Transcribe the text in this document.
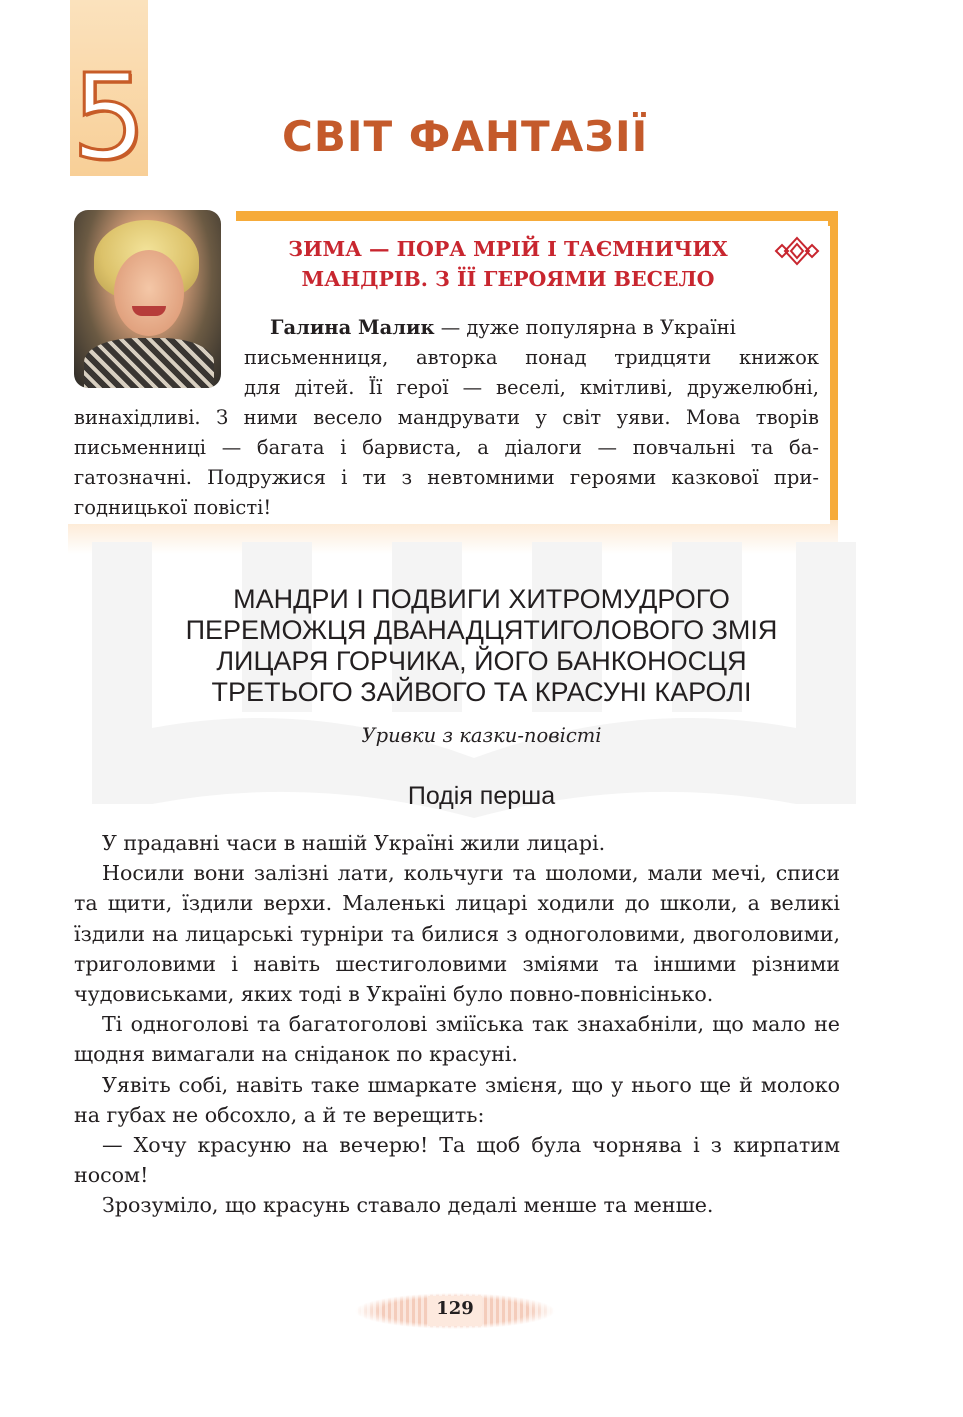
5	СВІТ ФАНТАЗІЇ
ЗИМА — ПОРА МРІЙ І ТАЄМНИЧИХ
МАНДРІВ. З ЇЇ ГЕРОЯМИ ВЕСЕЛО
Галина Малик — дуже популярна в Україні
письменниця, авторка понад тридцяти книжок
для дітей. Її герої — веселі, кмітливі, дружелюбні,
винахідливі. З ними весело мандрувати у світ уяви. Мова творів
письменниці — багата і барвиста, а діалоги — повчальні та ба-
гатозначні. Подружися і ти з невтомними героями казкової при-
годницької повісті!
МАНДРИ І ПОДВИГИ ХИТРОМУДРОГО
ПЕРЕМОЖЦЯ ДВАНАДЦЯТИГОЛОВОГО ЗМІЯ
ЛИЦАРЯ ГОРЧИКА, ЙОГО БАНКОНОСЦЯ
ТРЕТЬОГО ЗАЙВОГО ТА КРАСУНІ КАРОЛІ
Уривки з казки-повісті
Подія перша

У прадавні часи в нашій Україні жили лицарі.

Носили вони залізні лати, кольчуги та шоломи, мали мечі, списи та щити, їздили верхи. Маленькі лицарі ходили до школи, а великі їздили на лицарські турніри та билися з одноголовими, двоголовими, триголовими і навіть шестиголовими зміями та іншими різними чудовиськами, яких тоді в Україні було повно-повнісінько.

Ті одноголові та багатоголові зміїська так знахабніли, що мало не щодня вимагали на сніданок по красуні.

Уявіть собі, навіть таке шмаркате змієня, що у нього ще й молоко на губах не обсохло, а й те верещить:

— Хочу красуню на вечерю! Та щоб була чорнява і з кирпатим носом!

Зрозуміло, що красунь ставало дедалі менше та менше.

129
